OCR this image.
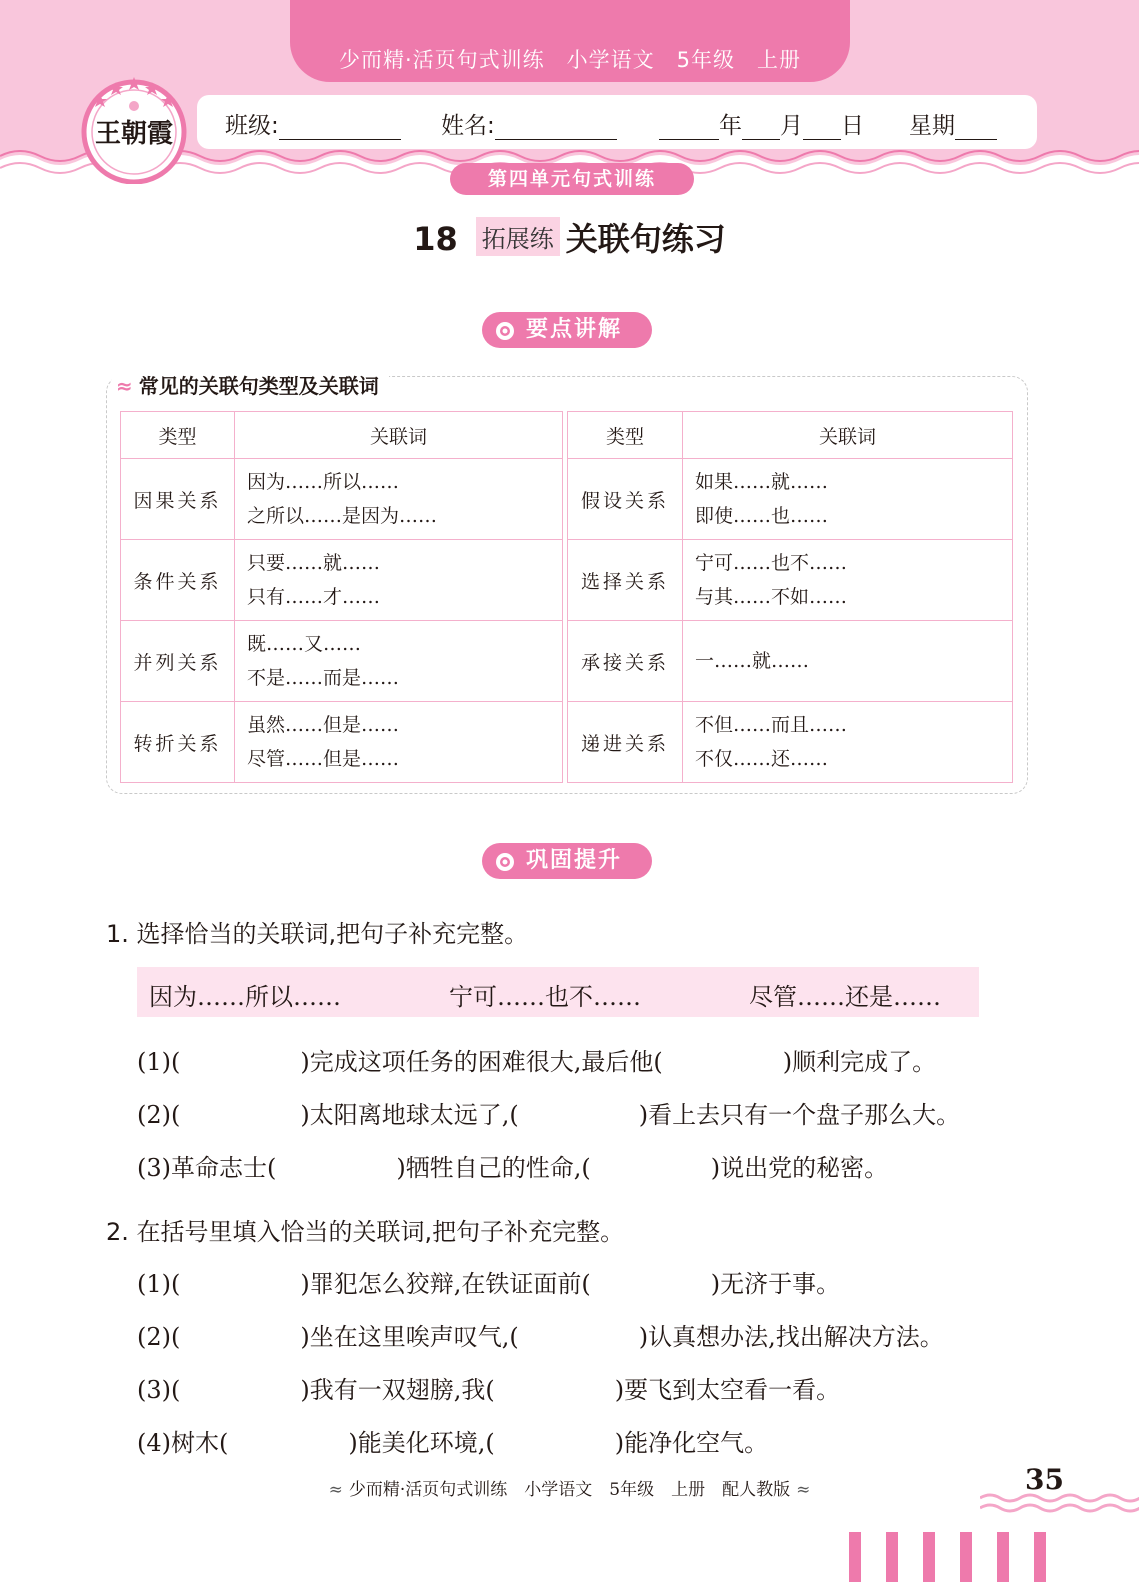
少而精·活页句式训练　小学语文　5年级　上册
班级:	姓名:	年 月 日 星期
第四单元句式训练
王朝霞
18 拓展练 关联句练习
要点讲解
≈ 常见的关联句类型及关联词
类型	关联词
因果关系	因为……所以……
之所以……是因为……

条件关系	只要……就……
只有……才……

并列关系	既……又……
不是……而是……

转折关系	虽然……但是……
尽管……但是……
类型	关联词
假设关系	如果……就……
即使……也……

选择关系	宁可……也不……
与其……不如……

承接关系	一……就……

递进关系	不但……而且……
不仅……还……
巩固提升
1. 选择恰当的关联词,把句子补充完整。
因为……所以……	宁可……也不……	尽管……还是……
(1)(　　　　　)完成这项任务的困难很大,最后他(　　　　　)顺利完成了。
(2)(　　　　　)太阳离地球太远了,(　　　　　)看上去只有一个盘子那么大。
(3)革命志士(　　　　　)牺牲自己的性命,(　　　　　)说出党的秘密。
2. 在括号里填入恰当的关联词,把句子补充完整。
(1)(　　　　　)罪犯怎么狡辩,在铁证面前(　　　　　)无济于事。
(2)(　　　　　)坐在这里唉声叹气,(　　　　　)认真想办法,找出解决方法。
(3)(　　　　　)我有一双翅膀,我(　　　　　)要飞到太空看一看。
(4)树木(　　　　　)能美化环境,(　　　　　)能净化空气。
≈ 少而精·活页句式训练　小学语文　5年级　上册　配人教版 ≈	35
